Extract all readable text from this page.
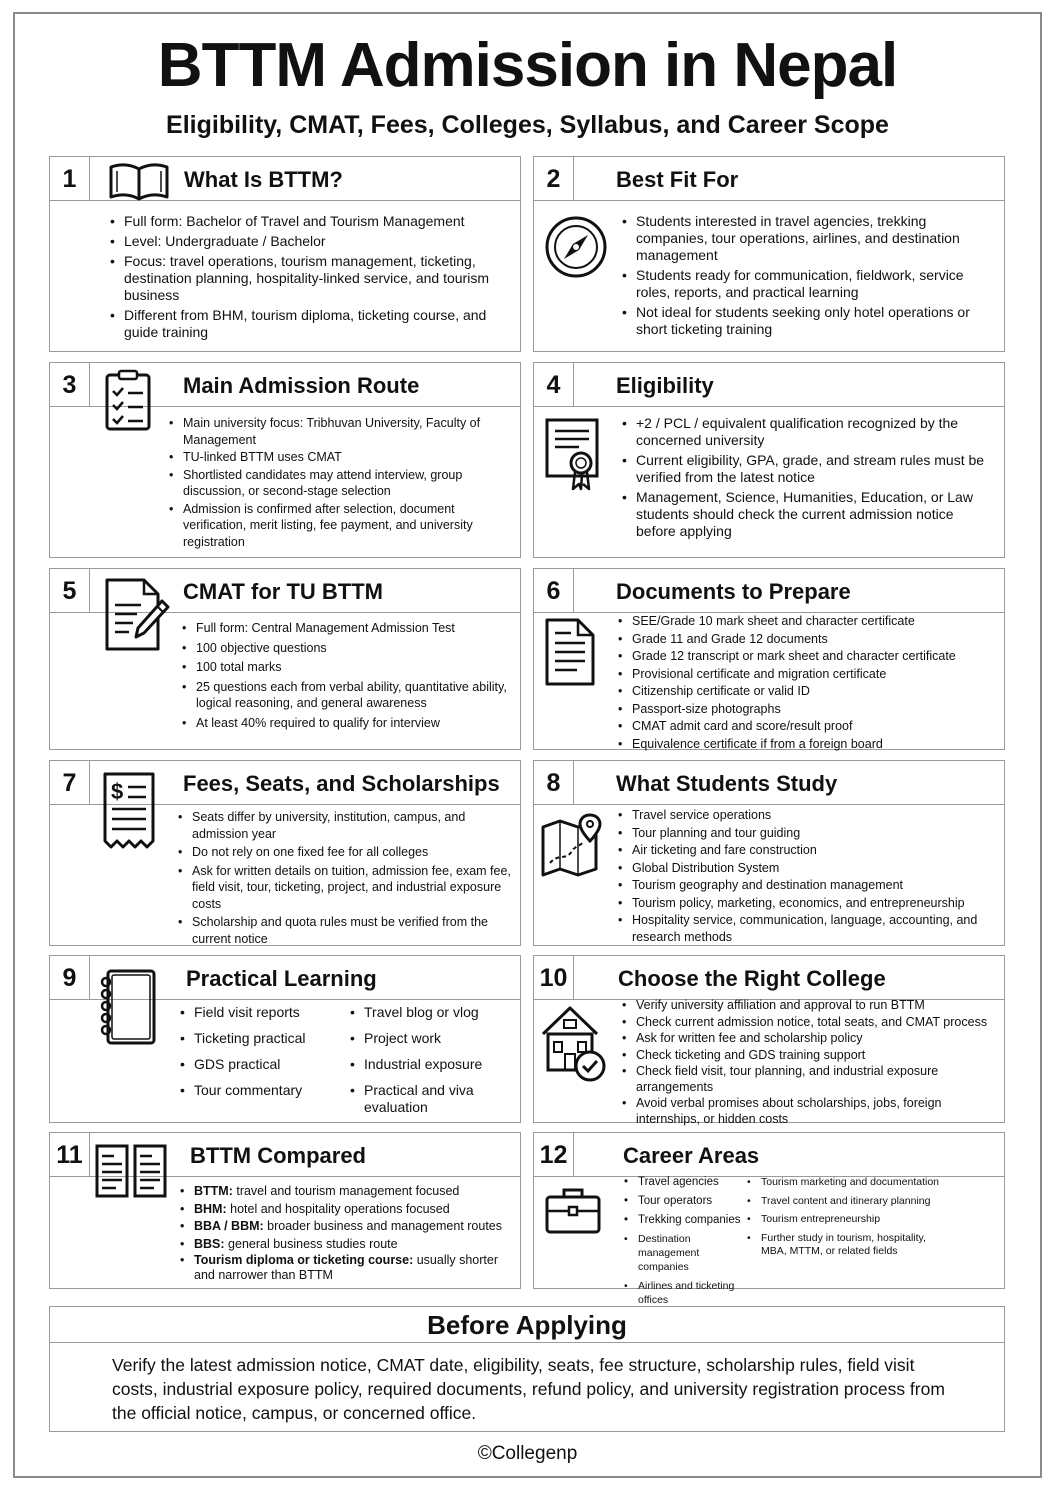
BTTM Admission in Nepal
Eligibility, CMAT, Fees, Colleges, Syllabus, and Career Scope
1	What Is BTTM?
• Full form: Bachelor of Travel and Tourism Management
• Level: Undergraduate / Bachelor
• Focus: travel operations, tourism management, ticketing, destination planning, hospitality-linked service, and tourism business
• Different from BHM, tourism diploma, ticketing course, and guide training
2	Best Fit For
• Students interested in travel agencies, trekking companies, tour operations, airlines, and destination management
• Students ready for communication, fieldwork, service roles, reports, and practical learning
• Not ideal for students seeking only hotel operations or short ticketing training
3	Main Admission Route
• Main university focus: Tribhuvan University, Faculty of Management
• TU-linked BTTM uses CMAT
• Shortlisted candidates may attend interview, group discussion, or second-stage selection
• Admission is confirmed after selection, document verification, merit listing, fee payment, and university registration
4	Eligibility
• +2 / PCL / equivalent qualification recognized by the concerned university
• Current eligibility, GPA, grade, and stream rules must be verified from the latest notice
• Management, Science, Humanities, Education, or Law students should check the current admission notice before applying
5	CMAT for TU BTTM
• Full form: Central Management Admission Test
• 100 objective questions
• 100 total marks
• 25 questions each from verbal ability, quantitative ability, logical reasoning, and general awareness
• At least 40% required to qualify for interview
6	Documents to Prepare
• SEE/Grade 10 mark sheet and character certificate
• Grade 11 and Grade 12 documents
• Grade 12 transcript or mark sheet and character certificate
• Provisional certificate and migration certificate
• Citizenship certificate or valid ID
• Passport-size photographs
• CMAT admit card and score/result proof
• Equivalence certificate if from a foreign board
7	$	Fees, Seats, and Scholarships
• Seats differ by university, institution, campus, and admission year
• Do not rely on one fixed fee for all colleges
• Ask for written details on tuition, admission fee, exam fee, field visit, tour, ticketing, project, and industrial exposure costs
• Scholarship and quota rules must be verified from the current notice
8	What Students Study
• Travel service operations
• Tour planning and tour guiding
• Air ticketing and fare construction
• Global Distribution System
• Tourism geography and destination management
• Tourism policy, marketing, economics, and entrepreneurship
• Hospitality service, communication, language, accounting, and research methods
9	Practical Learning
• Field visit reports
• Ticketing practical
• GDS practical
• Tour commentary
• Travel blog or vlog
• Project work
• Industrial exposure
• Practical and viva evaluation
10 Choose the Right College
• Verify university affiliation and approval to run BTTM
• Check current admission notice, total seats, and CMAT process
• Ask for written fee and scholarship policy
• Check ticketing and GDS training support
• Check field visit, tour planning, and industrial exposure arrangements
• Avoid verbal promises about scholarships, jobs, foreign internships, or hidden costs
11	BTTM Compared
• BTTM: travel and tourism management focused
• BHM: hotel and hospitality operations focused
• BBA / BBM: broader business and management routes
• BBS: general business studies route
• Tourism diploma or ticketing course: usually shorter and narrower than BTTM
12	Career Areas
• Travel agencies
• Tour operators
• Trekking companies
• Destination management companies
• Airlines and ticketing offices
• Tourism marketing and documentation
• Travel content and itinerary planning
• Tourism entrepreneurship
• Further study in tourism, hospitality, MBA, MTTM, or related fields
Before Applying
Verify the latest admission notice, CMAT date, eligibility, seats, fee structure, scholarship rules, field visit costs, industrial exposure policy, required documents, refund policy, and university registration process from the official notice, campus, or concerned office.
©Collegenp
